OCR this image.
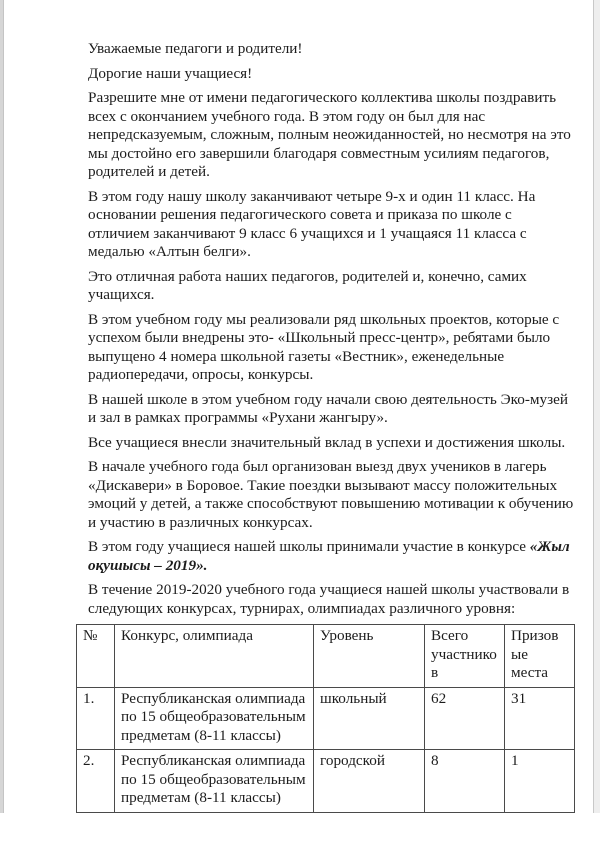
Уважаемые педагоги и родители!

Дорогие наши учащиеся!

Разрешите мне от имени педагогического коллектива школы поздравить всех с окончанием учебного года. В этом году он был для нас непредсказуемым, сложным, полным неожиданностей, но несмотря на это мы достойно его завершили благодаря совместным усилиям педагогов, родителей и детей.

В этом году нашу школу заканчивают четыре 9-х и один 11 класс. На основании решения педагогического совета и приказа по школе с отличием заканчивают 9 класс 6 учащихся и 1 учащаяся 11 класса с медалью «Алтын белги».

Это отличная работа наших педагогов, родителей и, конечно, самих учащихся.

В этом учебном году мы реализовали ряд школьных проектов, которые с успехом были внедрены это- «Школьный пресс-центр», ребятами было выпущено 4 номера школьной газеты «Вестник», еженедельные радиопередачи, опросы, конкурсы.

В нашей школе в этом учебном году начали свою деятельность Эко-музей и зал в рамках программы «Рухани жангыру».

Все учащиеся внесли значительный вклад в успехи и достижения школы.

В начале учебного года был организован выезд двух учеников в лагерь «Дискавери» в Боровое. Такие поездки вызывают массу положительных эмоций у детей, а также способствуют повышению мотивации к обучению и участию в различных конкурсах.

В этом году учащиеся нашей школы принимали участие в конкурсе «Жыл оқушысы – 2019».

В течение 2019-2020 учебного года учащиеся нашей школы участвовали в следующих конкурсах, турнирах, олимпиадах различного уровня:

№	Конкурс, олимпиада	Уровень	Всего участников	Призовые места
1.	Республиканская олимпиада по 15 общеобразовательным предметам (8-11 классы)	школьный	62	31
2.	Республиканская олимпиада по 15 общеобразовательным предметам (8-11 классы)	городской	8	1
